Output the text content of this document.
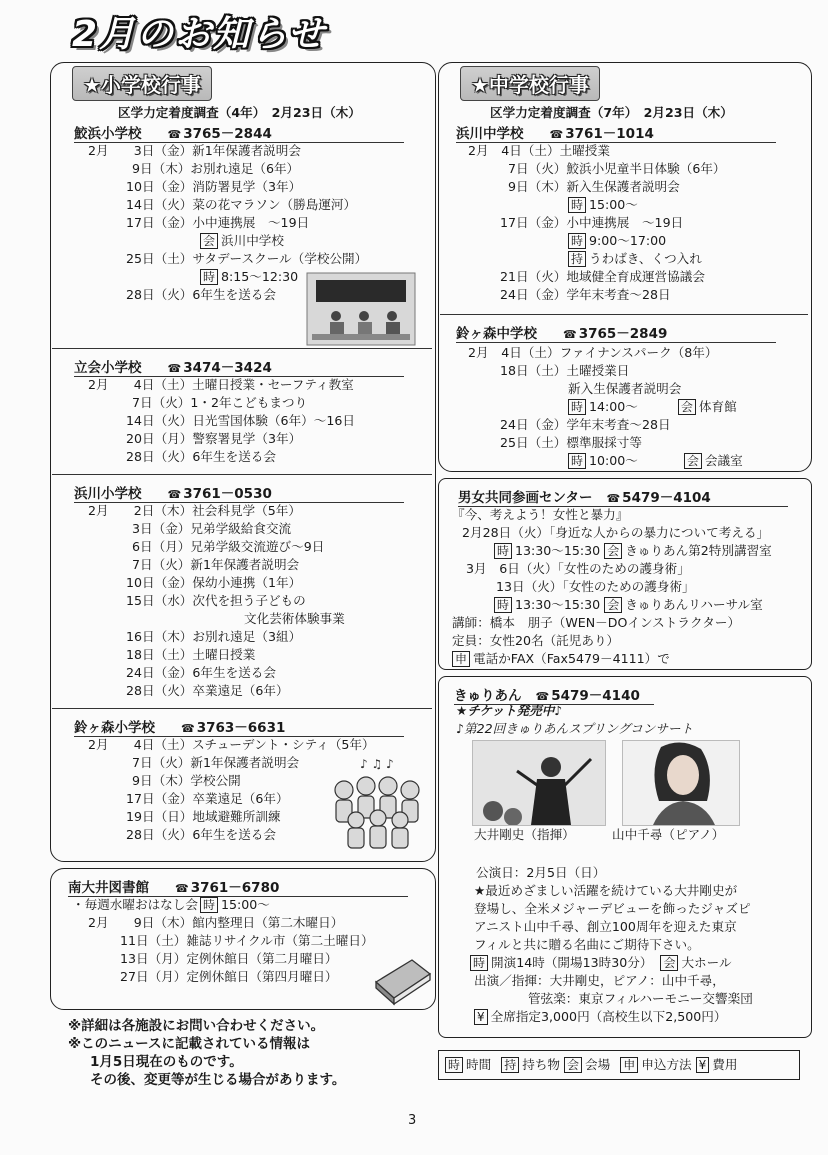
2月のお知らせ
★小学校行事
区学力定着度調査（4年）　2月23日（木）
鮫浜小学校 ☎ 3765－2844
2月　　3日（金）新1年保護者説明会
9日（木）お別れ遠足（6年）
10日（金）消防署見学（3年）
14日（火）菜の花マラソン（勝島運河）
17日（金）小中連携展　～19日
会 浜川中学校
25日（土）サタデースクール（学校公開）
時 8:15～12:30
28日（火）6年生を送る会
立会小学校 ☎ 3474－3424
2月　　4日（土）土曜日授業・セーフティ教室
7日（火）1・2年こどもまつり
14日（火）日光雪国体験（6年）～16日
20日（月）警察署見学（3年）
28日（火）6年生を送る会
浜川小学校 ☎ 3761－0530
2月　　2日（木）社会科見学（5年）
3日（金）兄弟学級給食交流
6日（月）兄弟学級交流遊び～9日
7日（火）新1年保護者説明会
10日（金）保幼小連携（1年）
15日（水）次代を担う子どもの
文化芸術体験事業
16日（木）お別れ遠足（3組）
18日（土）土曜日授業
24日（金）6年生を送る会
28日（火）卒業遠足（6年）
鈴ヶ森小学校 ☎ 3763－6631
2月　　4日（土）スチューデント・シティ（5年）
7日（火）新1年保護者説明会
9日（木）学校公開
17日（金）卒業遠足（6年）
19日（日）地域避難所訓練
28日（火）6年生を送る会
♪ ♫ ♪
南大井図書館 ☎ 3761－6780
・毎週水曜おはなし会 時 15:00～
2月　　9日（木）館内整理日（第二木曜日）
11日（土）雑誌リサイクル市（第二土曜日）
13日（月）定例休館日（第二月曜日）
27日（月）定例休館日（第四月曜日）
※詳細は各施設にお問い合わせください。
※このニュースに記載されている情報は
1月5日現在のものです。
その後、変更等が生じる場合があります。
★中学校行事
区学力定着度調査（7年）　2月23日（木）
浜川中学校 ☎ 3761－1014
2月　4日（土）土曜授業
7日（火）鮫浜小児童半日体験（6年）
9日（木）新入生保護者説明会
時 15:00～
17日（金）小中連携展　～19日
時 9:00～17:00
持 うわばき、くつ入れ
21日（火）地域健全育成運営協議会
24日（金）学年末考査～28日
鈴ヶ森中学校 ☎ 3765－2849
2月　4日（土）ファイナンスパーク（8年）
18日（土）土曜授業日
新入生保護者説明会
時 14:00～	会 体育館
24日（金）学年末考査～28日
25日（土）標準服採寸等
時 10:00～	会 会議室
男女共同参画センター ☎ 5479－4104
『今、考えよう！女性と暴力』
2月28日（火）「身近な人からの暴力について考える」
時 13:30～15:30 会 きゅりあん第2特別講習室
3月　6日（火）「女性のための護身術」
13日（火）「女性のための護身術」
時 13:30～15:30 会 きゅりあんリハーサル室
講師：橋本　朋子（WEN－DOインストラクター）
定員：女性20名（託児あり）
申 電話かFAX（Fax5479－4111）で
きゅりあん ☎ 5479－4140
★チケット発売中♪
♪第22回きゅりあんスプリングコンサート
大井剛史（指揮）	山中千尋（ピアノ）
公演日：2月5日（日）
★最近めざましい活躍を続けている大井剛史が
登場し、全米メジャーデビューを飾ったジャズピ
アニスト山中千尋、創立100周年を迎えた東京
フィルと共に贈る名曲にご期待下さい。
時 開演14時（開場13時30分） 会 大ホール
出演／指揮：大井剛史，ピアノ：山中千尋，
管弦楽：東京フィルハーモニー交響楽団
¥ 全席指定3,000円（高校生以下2,500円）
時 時間 持 持ち物 会 会場 申 申込方法 ¥ 費用
3
